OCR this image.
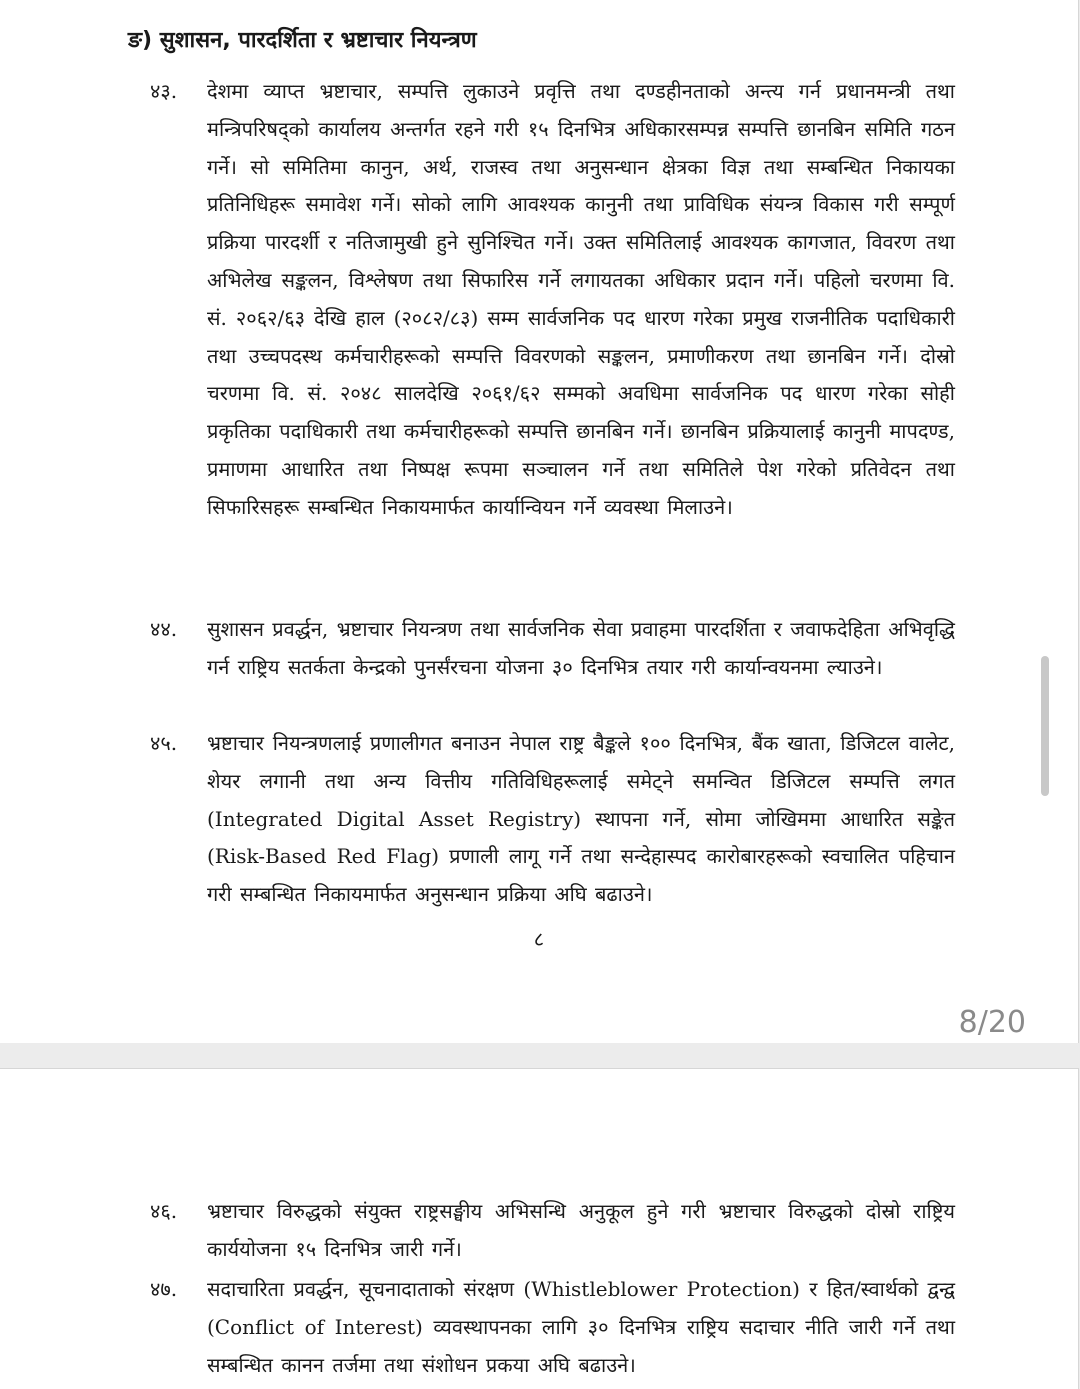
ङ) सुशासन, पारदर्शिता र भ्रष्टाचार नियन्त्रण
४३. देशमा व्याप्त भ्रष्टाचार, सम्पत्ति लुकाउने प्रवृत्ति तथा दण्डहीनताको अन्त्य गर्न प्रधानमन्त्री तथा मन्त्रिपरिषद्को कार्यालय अन्तर्गत रहने गरी १५ दिनभित्र अधिकारसम्पन्न सम्पत्ति छानबिन समिति गठन गर्ने। सो समितिमा कानुन, अर्थ, राजस्व तथा अनुसन्धान क्षेत्रका विज्ञ तथा सम्बन्धित निकायका प्रतिनिधिहरू समावेश गर्ने। सोको लागि आवश्यक कानुनी तथा प्राविधिक संयन्त्र विकास गरी सम्पूर्ण प्रक्रिया पारदर्शी र नतिजामुखी हुने सुनिश्चित गर्ने। उक्त समितिलाई आवश्यक कागजात, विवरण तथा अभिलेख सङ्कलन, विश्लेषण तथा सिफारिस गर्ने लगायतका अधिकार प्रदान गर्ने। पहिलो चरणमा वि. सं. २०६२/६३ देखि हाल (२०८२/८३) सम्म सार्वजनिक पद धारण गरेका प्रमुख राजनीतिक पदाधिकारी तथा उच्चपदस्थ कर्मचारीहरूको सम्पत्ति विवरणको सङ्कलन, प्रमाणीकरण तथा छानबिन गर्ने। दोस्रो चरणमा वि. सं. २०४८ सालदेखि २०६१/६२ सम्मको अवधिमा सार्वजनिक पद धारण गरेका सोही प्रकृतिका पदाधिकारी तथा कर्मचारीहरूको सम्पत्ति छानबिन गर्ने। छानबिन प्रक्रियालाई कानुनी मापदण्ड, प्रमाणमा आधारित तथा निष्पक्ष रूपमा सञ्चालन गर्ने तथा समितिले पेश गरेको प्रतिवेदन तथा सिफारिसहरू सम्बन्धित निकायमार्फत कार्यान्वियन गर्ने व्यवस्था मिलाउने।
४४. सुशासन प्रवर्द्धन, भ्रष्टाचार नियन्त्रण तथा सार्वजनिक सेवा प्रवाहमा पारदर्शिता र जवाफदेहिता अभिवृद्धि गर्न राष्ट्रिय सतर्कता केन्द्रको पुनर्संरचना योजना ३० दिनभित्र तयार गरी कार्यान्वयनमा ल्याउने।
४५. भ्रष्टाचार नियन्त्रणलाई प्रणालीगत बनाउन नेपाल राष्ट्र बैङ्कले १०० दिनभित्र, बैंक खाता, डिजिटल वालेट, शेयर लगानी तथा अन्य वित्तीय गतिविधिहरूलाई समेट्ने समन्वित डिजिटल सम्पत्ति लगत (Integrated Digital Asset Registry) स्थापना गर्ने, सोमा जोखिममा आधारित सङ्केत (Risk-Based Red Flag) प्रणाली लागू गर्ने तथा सन्देहास्पद कारोबारहरूको स्वचालित पहिचान गरी सम्बन्धित निकायमार्फत अनुसन्धान प्रक्रिया अघि बढाउने।
८
8/20
४६. भ्रष्टाचार विरुद्धको संयुक्त राष्ट्रसङ्घीय अभिसन्धि अनुकूल हुने गरी भ्रष्टाचार विरुद्धको दोस्रो राष्ट्रिय कार्ययोजना १५ दिनभित्र जारी गर्ने।
४७. सदाचारिता प्रवर्द्धन, सूचनादाताको संरक्षण (Whistleblower Protection) र हित/स्वार्थको द्वन्द्व (Conflict of Interest) व्यवस्थापनका लागि ३० दिनभित्र राष्ट्रिय सदाचार नीति जारी गर्ने तथा सम्बन्धित कानन तर्जमा तथा संशोधन प्रकया अघि बढाउने।
